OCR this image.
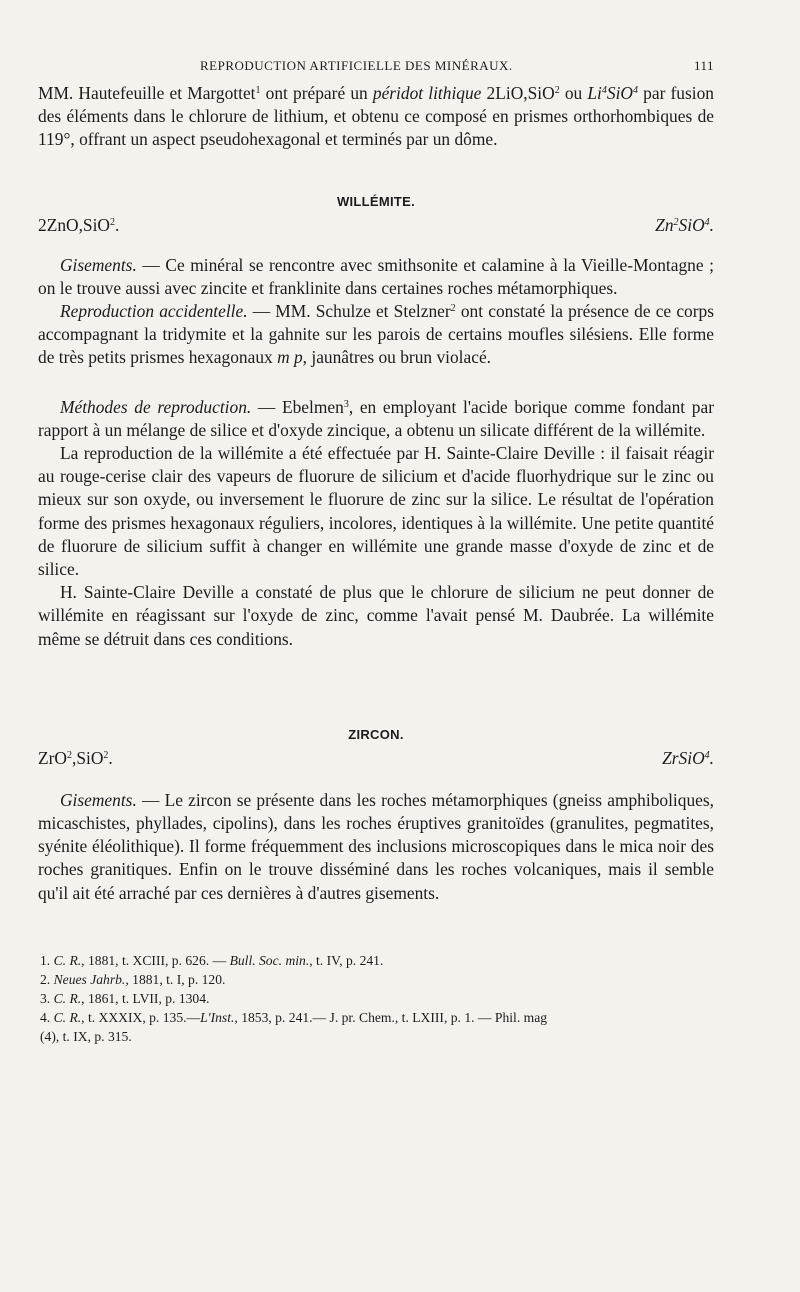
REPRODUCTION ARTIFICIELLE DES MINÉRAUX.	111

MM. Hautefeuille et Margottet$^1$ ont préparé un péridot lithique 2LiO,SiO$^2$ ou Li$^4$SiO$^4$ par fusion des éléments dans le chlorure de lithium, et obtenu ce composé en prismes orthorhombiques de 119°, offrant un aspect pseudohexagonal et terminés par un dôme.

WILLÉMITE.

2ZnO,SiO$^2$.	Zn$^2$SiO$^4$.

Gisements. — Ce minéral se rencontre avec smithsonite et calamine à la Vieille-Montagne ; on le trouve aussi avec zincite et franklinite dans certaines roches métamorphiques.

Reproduction accidentelle. — MM. Schulze et Stelzner$^2$ ont constaté la présence de ce corps accompagnant la tridymite et la gahnite sur les parois de certains moufles silésiens. Elle forme de très petits prismes hexagonaux m p, jaunâtres ou brun violacé.

Méthodes de reproduction. — Ebelmen$^3$, en employant l'acide borique comme fondant par rapport à un mélange de silice et d'oxyde zincique, a obtenu un silicate différent de la willémite.

La reproduction de la willémite a été effectuée par H. Sainte-Claire Deville : il faisait réagir au rouge-cerise clair des vapeurs de fluorure de silicium et d'acide fluorhydrique sur le zinc ou mieux sur son oxyde, ou inversement le fluorure de zinc sur la silice. Le résultat de l'opération forme des prismes hexagonaux réguliers, incolores, identiques à la willémite. Une petite quantité de fluorure de silicium suffit à changer en willémite une grande masse d'oxyde de zinc et de silice.

H. Sainte-Claire Deville a constaté de plus que le chlorure de silicium ne peut donner de willémite en réagissant sur l'oxyde de zinc, comme l'avait pensé M. Daubrée. La willémite même se détruit dans ces conditions.

ZIRCON.

ZrO$^2$,SiO$^2$.	ZrSiO$^4$.

Gisements. — Le zircon se présente dans les roches métamorphiques (gneiss amphiboliques, micaschistes, phyllades, cipolins), dans les roches éruptives granitoïdes (granulites, pegmatites, syénite éléolithique). Il forme fréquemment des inclusions microscopiques dans le mica noir des roches granitiques. Enfin on le trouve disséminé dans les roches volcaniques, mais il semble qu'il ait été arraché par ces dernières à d'autres gisements.

1. C. R., 1881, t. XCIII, p. 626. — Bull. Soc. min., t. IV, p. 241.
2. Neues Jahrb., 1881, t. I, p. 120.
3. C. R., 1861, t. LVII, p. 1304.
4. C. R., t. XXXIX, p. 135.—L'Inst., 1853, p. 241.— J. pr. Chem., t. LXIII, p. 1. — Phil. mag
(4), t. IX, p. 315.
